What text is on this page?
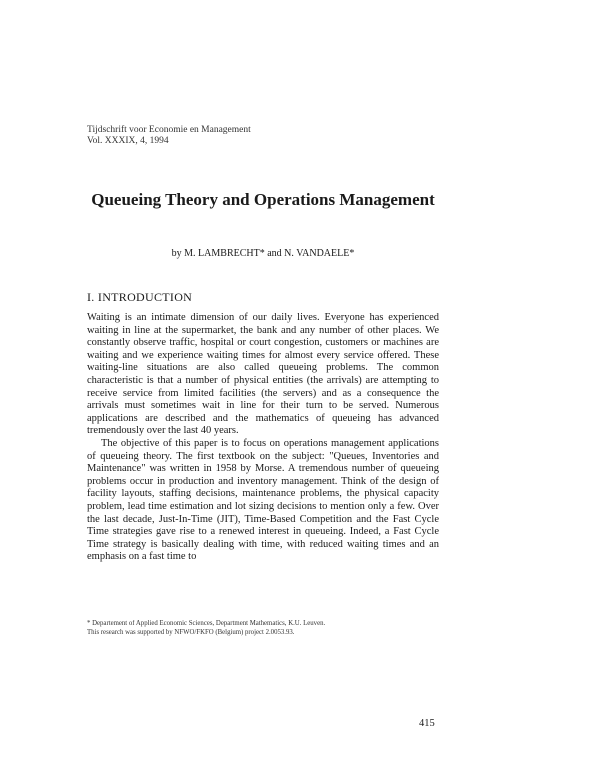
Tijdschrift voor Economie en Management
Vol. XXXIX, 4, 1994
Queueing Theory and Operations Management
by M. LAMBRECHT* and N. VANDAELE*
I. INTRODUCTION

Waiting is an intimate dimension of our daily lives. Everyone has experienced waiting in line at the supermarket, the bank and any number of other places. We constantly observe traffic, hospital or court congestion, customers or machines are waiting and we experience waiting times for almost every service offered. These waiting-line situations are also called queueing problems. The common characteristic is that a number of physical entities (the arrivals) are attempting to receive service from limited facilities (the servers) and as a consequence the arrivals must sometimes wait in line for their turn to be served. Numerous applications are described and the mathematics of queueing has advanced tremendously over the last 40 years.

The objective of this paper is to focus on operations management applications of queueing theory. The first textbook on the subject: "Queues, Inventories and Maintenance" was written in 1958 by Morse. A tremendous number of queueing problems occur in production and inventory management. Think of the design of facility layouts, staffing decisions, maintenance problems, the physical capacity problem, lead time estimation and lot sizing decisions to mention only a few. Over the last decade, Just-In-Time (JIT), Time-Based Competition and the Fast Cycle Time strategies gave rise to a renewed interest in queueing. Indeed, a Fast Cycle Time strategy is basically dealing with time, with reduced waiting times and an emphasis on a fast time to

* Departement of Applied Economic Sciences, Department Mathematics, K.U. Leuven.
This research was supported by NFWO/FKFO (Belgium) project 2.0053.93.
415
